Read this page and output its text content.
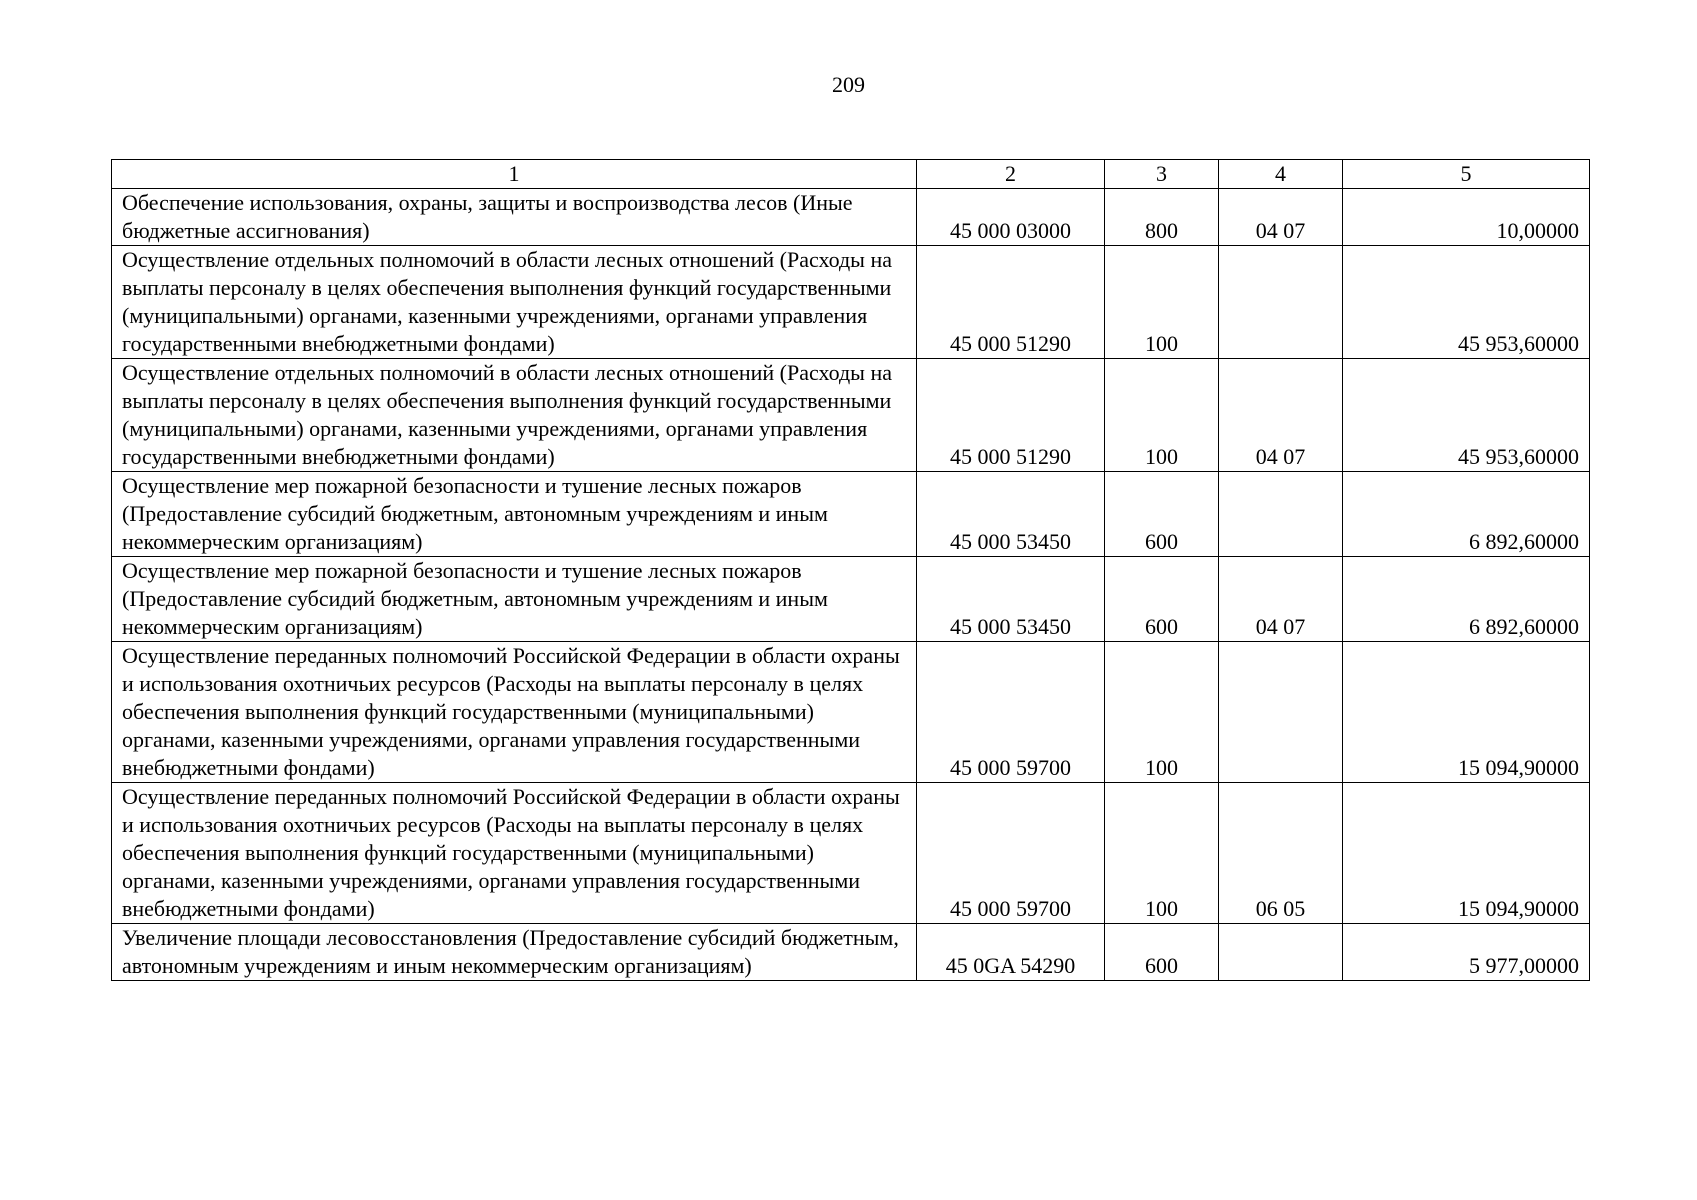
209
1	2	3	4	5
Обеспечение использования, охраны, защиты и воспроизводства лесов (Иные бюджетные ассигнования)	45 000 03000	800	04 07	10,00000
Осуществление отдельных полномочий в области лесных отношений (Расходы на выплаты персоналу в целях обеспечения выполнения функций государственными (муниципальными) органами, казенными учреждениями, органами управления государственными внебюджетными фондами)	45 000 51290	100		45 953,60000
Осуществление отдельных полномочий в области лесных отношений (Расходы на выплаты персоналу в целях обеспечения выполнения функций государственными (муниципальными) органами, казенными учреждениями, органами управления государственными внебюджетными фондами)	45 000 51290	100	04 07	45 953,60000
Осуществление мер пожарной безопасности и тушение лесных пожаров (Предоставление субсидий бюджетным, автономным учреждениям и иным некоммерческим организациям)	45 000 53450	600		6 892,60000
Осуществление мер пожарной безопасности и тушение лесных пожаров (Предоставление субсидий бюджетным, автономным учреждениям и иным некоммерческим организациям)	45 000 53450	600	04 07	6 892,60000
Осуществление переданных полномочий Российской Федерации в области охраны и использования охотничьих ресурсов (Расходы на выплаты персоналу в целях обеспечения выполнения функций государственными (муниципальными) органами, казенными учреждениями, органами управления государственными внебюджетными фондами)	45 000 59700	100		15 094,90000
Осуществление переданных полномочий Российской Федерации в области охраны и использования охотничьих ресурсов (Расходы на выплаты персоналу в целях обеспечения выполнения функций государственными (муниципальными) органами, казенными учреждениями, органами управления государственными внебюджетными фондами)	45 000 59700	100	06 05	15 094,90000
Увеличение площади лесовосстановления (Предоставление субсидий бюджетным, автономным учреждениям и иным некоммерческим организациям)	45 0GA 54290	600		5 977,00000
